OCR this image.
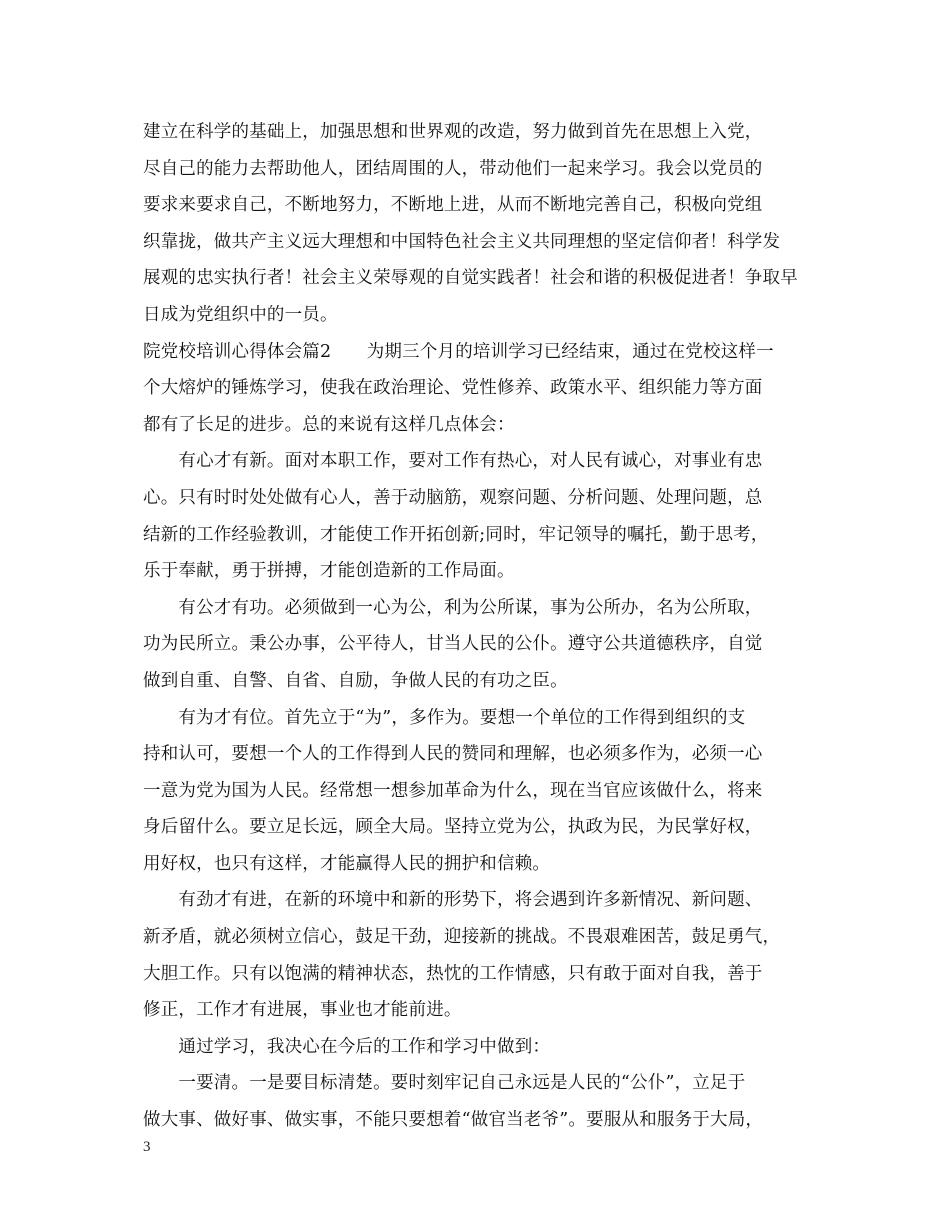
建立在科学的基础上，加强思想和世界观的改造，努力做到首先在思想上入党，
尽自己的能力去帮助他人，团结周围的人，带动他们一起来学习。我会以党员的
要求来要求自己，不断地努力，不断地上进，从而不断地完善自己，积极向党组
织靠拢，做共产主义远大理想和中国特色社会主义共同理想的坚定信仰者！科学发
展观的忠实执行者！社会主义荣辱观的自觉实践者！社会和谐的积极促进者！争取早
日成为党组织中的一员。
院党校培训心得体会篇2　　为期三个月的培训学习已经结束，通过在党校这样一
个大熔炉的锤炼学习，使我在政治理论、党性修养、政策水平、组织能力等方面
都有了长足的进步。总的来说有这样几点体会：
　　有心才有新。面对本职工作，要对工作有热心，对人民有诚心，对事业有忠
心。只有时时处处做有心人，善于动脑筋，观察问题、分析问题、处理问题，总
结新的工作经验教训，才能使工作开拓创新;同时，牢记领导的嘱托，勤于思考，
乐于奉献，勇于拼搏，才能创造新的工作局面。
　　有公才有功。必须做到一心为公，利为公所谋，事为公所办，名为公所取，
功为民所立。秉公办事，公平待人，甘当人民的公仆。遵守公共道德秩序，自觉
做到自重、自警、自省、自励，争做人民的有功之臣。
　　有为才有位。首先立于“为”，多作为。要想一个单位的工作得到组织的支
持和认可，要想一个人的工作得到人民的赞同和理解，也必须多作为，必须一心
一意为党为国为人民。经常想一想参加革命为什么，现在当官应该做什么，将来
身后留什么。要立足长远，顾全大局。坚持立党为公，执政为民，为民掌好权，
用好权，也只有这样，才能赢得人民的拥护和信赖。
　　有劲才有进，在新的环境中和新的形势下，将会遇到许多新情况、新问题、
新矛盾，就必须树立信心，鼓足干劲，迎接新的挑战。不畏艰难困苦，鼓足勇气，
大胆工作。只有以饱满的精神状态，热忱的工作情感，只有敢于面对自我，善于
修正，工作才有进展，事业也才能前进。
　　通过学习，我决心在今后的工作和学习中做到：
　　一要清。一是要目标清楚。要时刻牢记自己永远是人民的“公仆”，立足于
做大事、做好事、做实事，不能只要想着“做官当老爷”。要服从和服务于大局，
3
